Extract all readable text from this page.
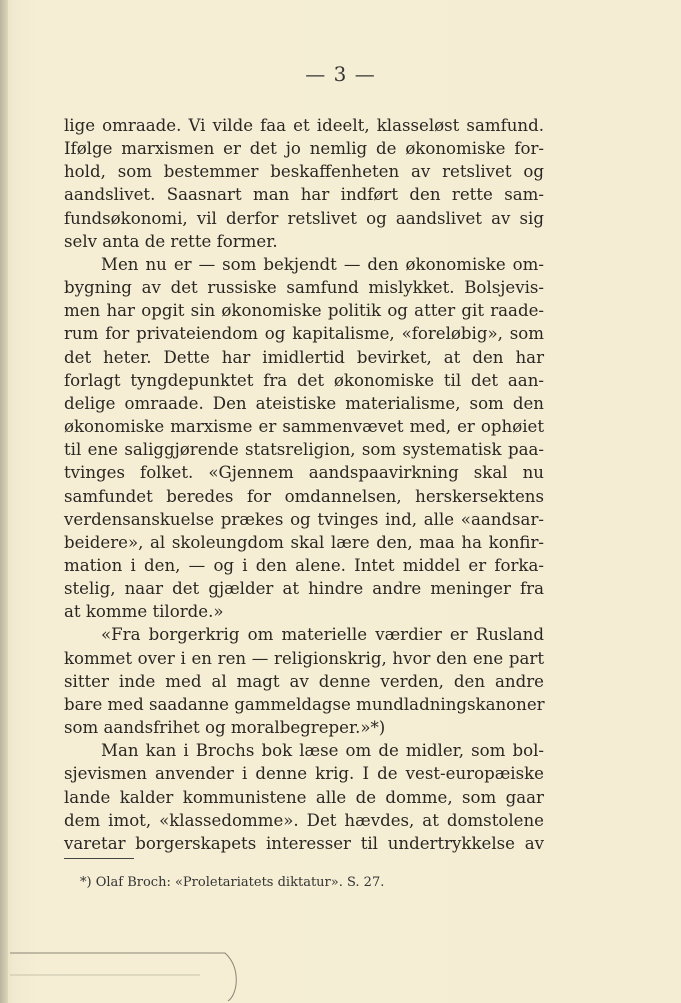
— 3 —
lige omraade. Vi vilde faa et ideelt, klasseløst samfund.
Ifølge marxismen er det jo nemlig de økonomiske for-
hold, som bestemmer beskaffenheten av retslivet og
aandslivet. Saasnart man har indført den rette sam-
fundsøkonomi, vil derfor retslivet og aandslivet av sig
selv anta de rette former.
Men nu er — som bekjendt — den økonomiske om-
bygning av det russiske samfund mislykket. Bolsjevis-
men har opgit sin økonomiske politik og atter git raade-
rum for privateiendom og kapitalisme, «foreløbig», som
det heter. Dette har imidlertid bevirket, at den har
forlagt tyngdepunktet fra det økonomiske til det aan-
delige omraade. Den ateistiske materialisme, som den
økonomiske marxisme er sammenvævet med, er ophøiet
til ene saliggjørende statsreligion, som systematisk paa-
tvinges folket. «Gjennem aandspaavirkning skal nu
samfundet beredes for omdannelsen, herskersektens
verdensanskuelse prækes og tvinges ind, alle «aandsar-
beidere», al skoleungdom skal lære den, maa ha konfir-
mation i den, — og i den alene. Intet middel er forka-
stelig, naar det gjælder at hindre andre meninger fra
at komme tilorde.»
«Fra borgerkrig om materielle værdier er Rusland
kommet over i en ren — religionskrig, hvor den ene part
sitter inde med al magt av denne verden, den andre
bare med saadanne gammeldagse mundladningskanoner
som aandsfrihet og moralbegreper.»*)
Man kan i Brochs bok læse om de midler, som bol-
sjevismen anvender i denne krig. I de vest-europæiske
lande kalder kommunistene alle de domme, som gaar
dem imot, «klassedomme». Det hævdes, at domstolene
varetar borgerskapets interesser til undertrykkelse av
*) Olaf Broch: «Proletariatets diktatur». S. 27.
